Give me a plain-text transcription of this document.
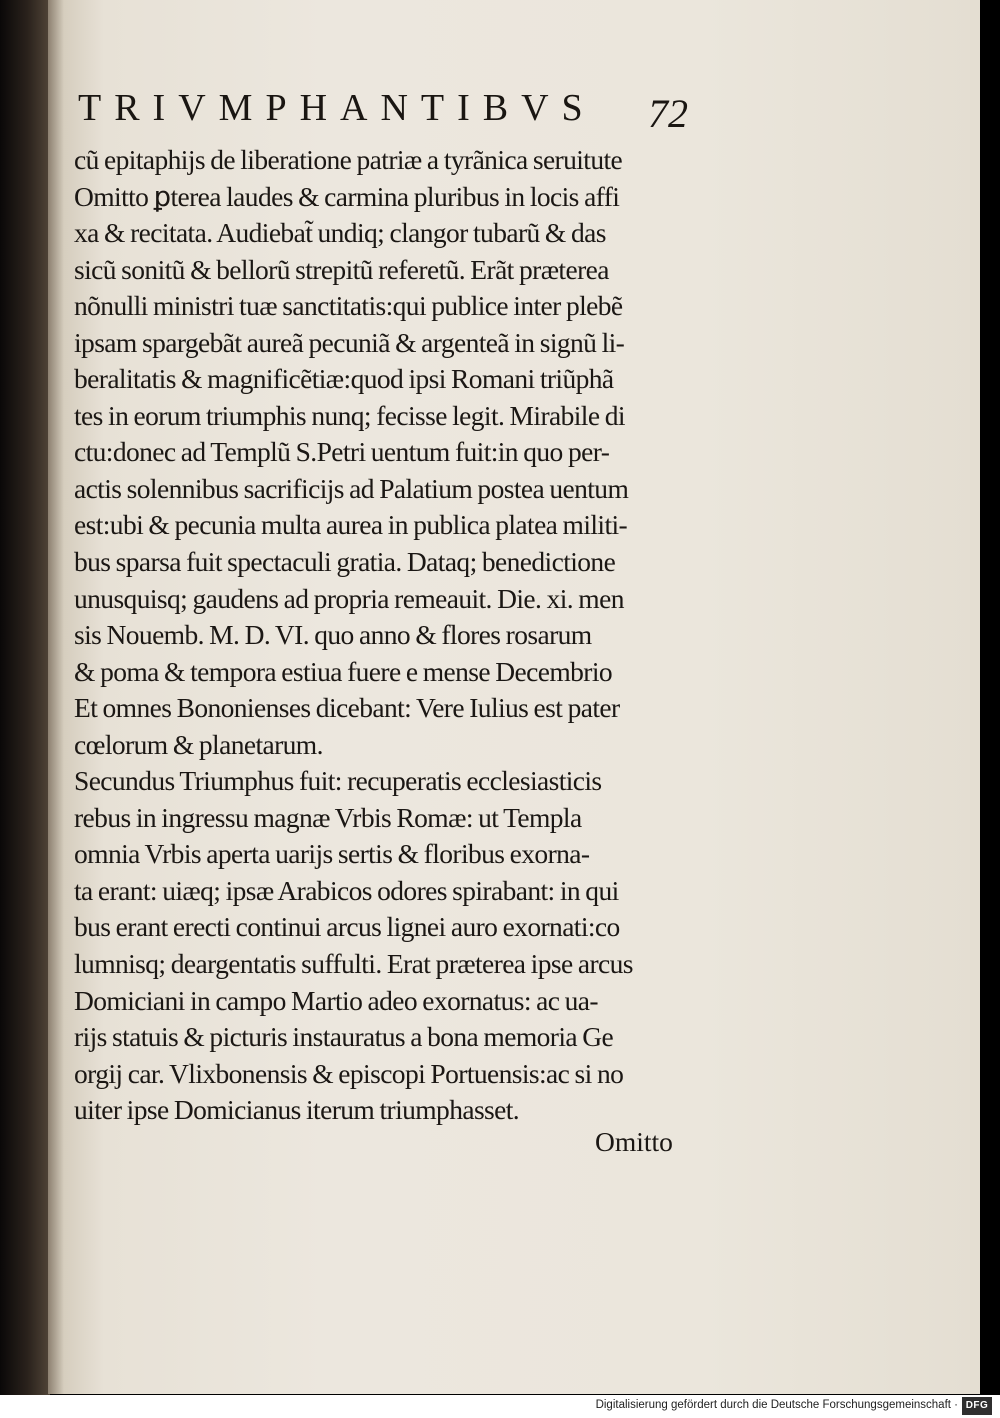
TRIVMPHANTIBVS 72
cũ epitaphijs de liberatione patriæ a tyrãnica seruitute
Omitto ꝑterea laudes & carmina pluribus in locis affi
xa & recitata. Audiebat̃ undiq; clangor tubarũ & das
sicũ sonitũ & bellorũ strepitũ referetũ. Erãt præterea
nõnulli ministri tuæ sanctitatis:qui publice inter plebẽ
ipsam spargebãt aureã pecuniã & argenteã in signũ li-
beralitatis & magnificẽtiæ:quod ipsi Romani triũphã
tes in eorum triumphis nunq; fecisse legit. Mirabile di
ctu:donec ad Templũ S.Petri uentum fuit:in quo per-
actis solennibus sacrificijs ad Palatium postea uentum
est:ubi & pecunia multa aurea in publica platea militi-
bus sparsa fuit spectaculi gratia. Dataq; benedictione
unusquisq; gaudens ad propria remeauit. Die. xi. men
sis Nouemb. M. D. VI. quo anno & flores rosarum
& poma & tempora estiua fuere e mense Decembrio
Et omnes Bononienses dicebant: Vere Iulius est pater
cœlorum & planetarum.
Secundus Triumphus fuit: recuperatis ecclesiasticis
rebus in ingressu magnæ Vrbis Romæ: ut Templa
omnia Vrbis aperta uarijs sertis & floribus exorna-
ta erant: uiæq; ipsæ Arabicos odores spirabant: in qui
bus erant erecti continui arcus lignei auro exornati:co
lumnisq; deargentatis suffulti. Erat præterea ipse arcus
Domiciani in campo Martio adeo exornatus: ac ua-
rijs statuis & picturis instauratus a bona memoria Ge
orgij car. Vlixbonensis & episcopi Portuensis:ac si no
uiter ipse Domicianus iterum triumphasset.
Omitto
Digitalisierung gefördert durch die Deutsche Forschungsgemeinschaft · DFG
